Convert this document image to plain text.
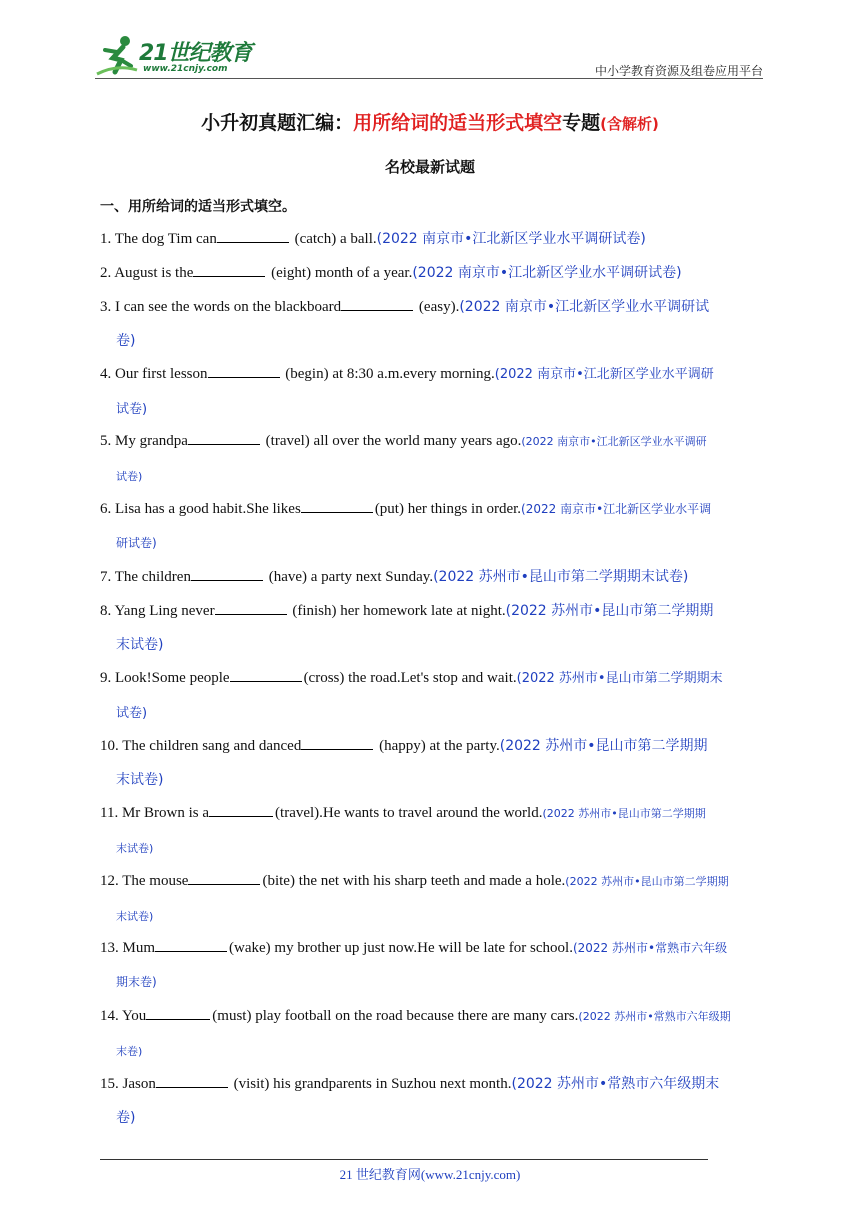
21世纪教育
www.21cnjy.com	中小学教育资源及组卷应用平台
小升初真题汇编：用所给词的适当形式填空专题(含解析)
名校最新试题
一、用所给词的适当形式填空。
1. The dog Tim can	(catch) a ball.(2022 南京市•江北新区学业水平调研试卷)
2. August is the	(eight) month of a year.(2022 南京市•江北新区学业水平调研试卷)
3. I can see the words on the blackboard	(easy).(2022 南京市•江北新区学业水平调研试
卷)
4. Our first lesson	(begin) at 8:30 a.m.every morning.(2022 南京市•江北新区学业水平调研
试卷)
5. My grandpa	(travel) all over the world many years ago.(2022 南京市•江北新区学业水平调研
试卷)
6. Lisa has a good habit.She likes	(put) her things in order.(2022 南京市•江北新区学业水平调
研试卷)
7. The children	(have) a party next Sunday.(2022 苏州市•昆山市第二学期期末试卷)
8. Yang Ling never	(finish) her homework late at night.(2022 苏州市•昆山市第二学期期
末试卷)
9. Look!Some people	(cross) the road.Let's stop and wait.(2022 苏州市•昆山市第二学期期末
试卷)
10. The children sang and danced	(happy) at the party.(2022 苏州市•昆山市第二学期期
末试卷)
11. Mr Brown is a	(travel).He wants to travel around the world.(2022 苏州市•昆山市第二学期期
末试卷)
12. The mouse	(bite) the net with his sharp teeth and made a hole.(2022 苏州市•昆山市第二学期期
末试卷)
13. Mum	(wake) my brother up just now.He will be late for school.(2022 苏州市•常熟市六年级
期末卷)
14. You	(must) play football on the road because there are many cars.(2022 苏州市•常熟市六年级期
末卷)
15. Jason	(visit) his grandparents in Suzhou next month.(2022 苏州市•常熟市六年级期末
卷)
21 世纪教育网(www.21cnjy.com)
